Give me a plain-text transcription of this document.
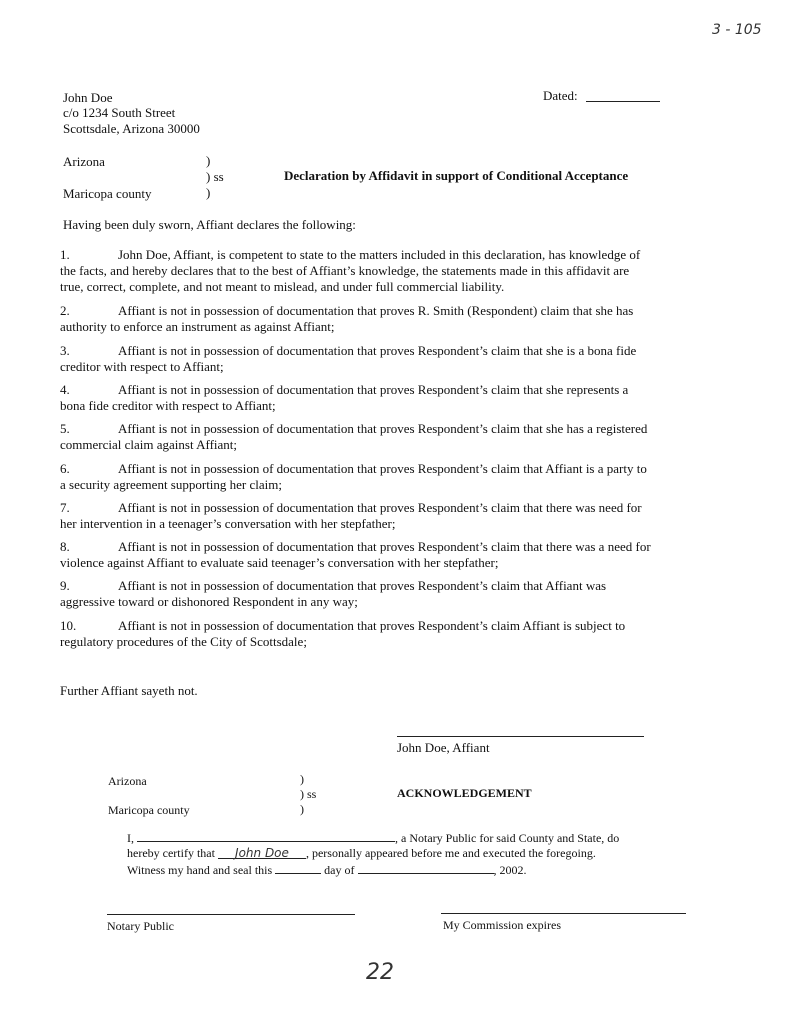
3 - 105
John Doe
c/o 1234 South Street
Scottsdale, Arizona 30000
Dated:
Arizona
Maricopa county
)
) ss
)
Declaration by Affidavit in support of Conditional Acceptance
Having been duly sworn, Affiant declares the following:
1.	John Doe, Affiant, is competent to state to the matters included in this declaration, has knowledge of
the facts, and hereby declares that to the best of Affiant’s knowledge, the statements made in this affidavit are
true, correct, complete, and not meant to mislead, and under full commercial liability.
2.	Affiant is not in possession of documentation that proves R. Smith (Respondent) claim that she has
authority to enforce an instrument as against Affiant;
3.	Affiant is not in possession of documentation that proves Respondent’s claim that she is a bona fide
creditor with respect to Affiant;
4.	Affiant is not in possession of documentation that proves Respondent’s claim that she represents a
bona fide creditor with respect to Affiant;
5.	Affiant is not in possession of documentation that proves Respondent’s claim that she has a registered
commercial claim against Affiant;
6.	Affiant is not in possession of documentation that proves Respondent’s claim that Affiant is a party to
a security agreement supporting her claim;
7.	Affiant is not in possession of documentation that proves Respondent’s claim that there was need for
her intervention in a teenager’s conversation with her stepfather;
8.	Affiant is not in possession of documentation that proves Respondent’s claim that there was a need for
violence against Affiant to evaluate said teenager’s conversation with her stepfather;
9.	Affiant is not in possession of documentation that proves Respondent’s claim that Affiant was
aggressive toward or dishonored Respondent in any way;
10.	Affiant is not in possession of documentation that proves Respondent’s claim Affiant is subject to
regulatory procedures of the City of Scottsdale;
Further Affiant sayeth not.
John Doe, Affiant
Arizona
Maricopa county
)
) ss
)
ACKNOWLEDGEMENT
I,	, a Notary Public for said County and State, do
hereby certify that John Doe , personally appeared before me and executed the foregoing.
Witness my hand and seal this	day of	, 2002.
Notary Public	My Commission expires
22
